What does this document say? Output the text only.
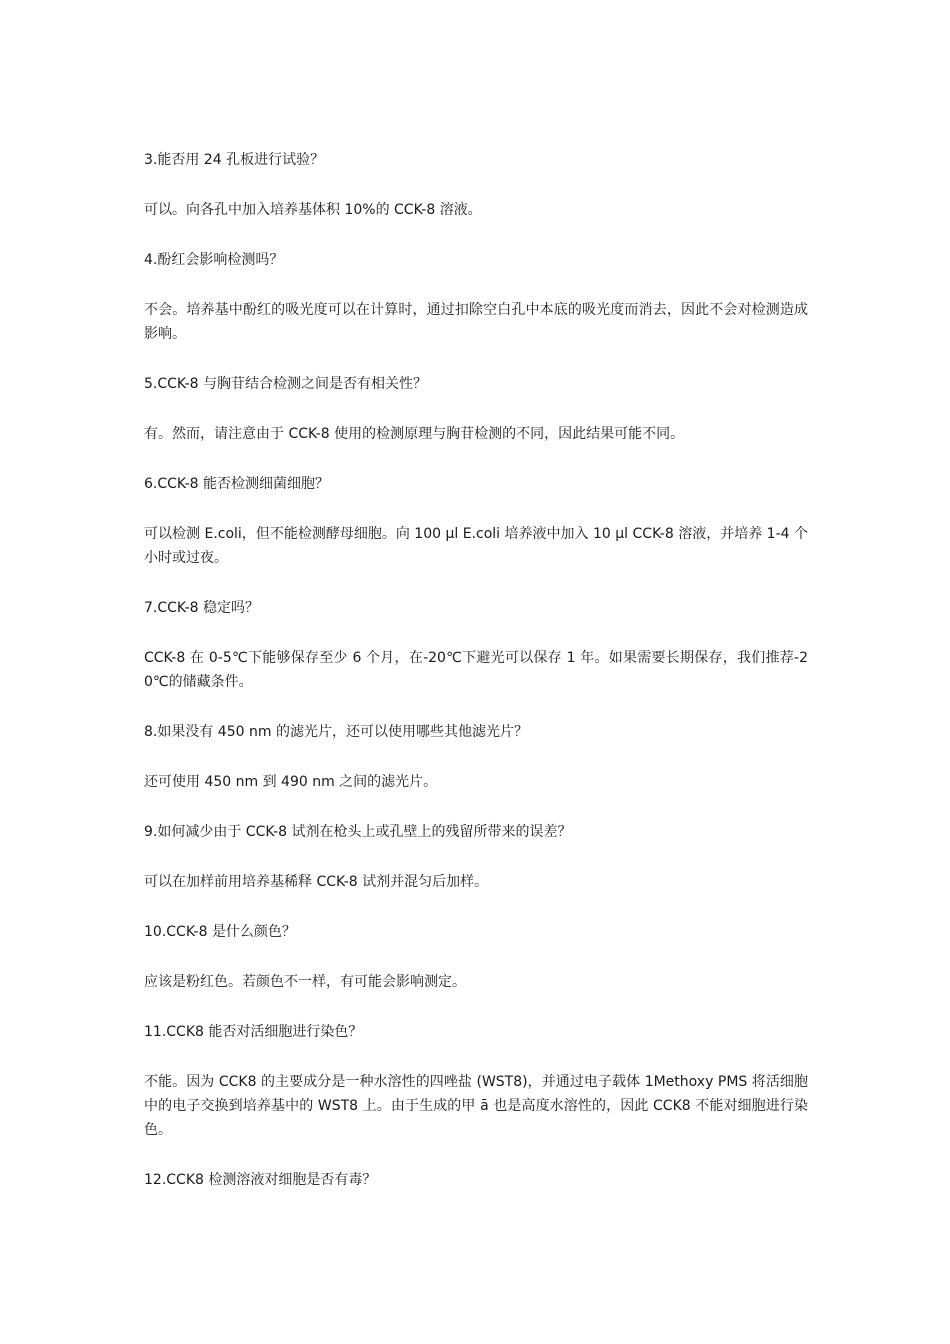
3.能否用 24 孔板进行试验？

可以。向各孔中加入培养基体积 10%的 CCK-8 溶液。

4.酚红会影响检测吗？

不会。培养基中酚红的吸光度可以在计算时，通过扣除空白孔中本底的吸光度而消去，因此不会对检测造成影响。

5.CCK-8 与胸苷结合检测之间是否有相关性？

有。然而，请注意由于 CCK-8 使用的检测原理与胸苷检测的不同，因此结果可能不同。

6.CCK-8 能否检测细菌细胞？

可以检测 E.coli，但不能检测酵母细胞。向 100 µl E.coli 培养液中加入 10 µl CCK-8 溶液，并培养 1-4 个小时或过夜。

7.CCK-8 稳定吗？

CCK-8 在 0-5℃下能够保存至少 6 个月，在-20℃下避光可以保存 1 年。如果需要长期保存，我们推荐-20℃的储藏条件。

8.如果没有 450 nm 的滤光片，还可以使用哪些其他滤光片？

还可使用 450 nm 到 490 nm 之间的滤光片。

9.如何减少由于 CCK-8 试剂在枪头上或孔壁上的残留所带来的误差？

可以在加样前用培养基稀释 CCK-8 试剂并混匀后加样。

10.CCK-8 是什么颜色？

应该是粉红色。若颜色不一样，有可能会影响测定。

11.CCK8 能否对活细胞进行染色？

不能。因为 CCK8 的主要成分是一种水溶性的四唑盐 (WST8)，并通过电子载体 1Methoxy PMS 将活细胞中的电子交换到培养基中的 WST8 上。由于生成的甲 ā 也是高度水溶性的，因此 CCK8 不能对细胞进行染色。

12.CCK8 检测溶液对细胞是否有毒？
